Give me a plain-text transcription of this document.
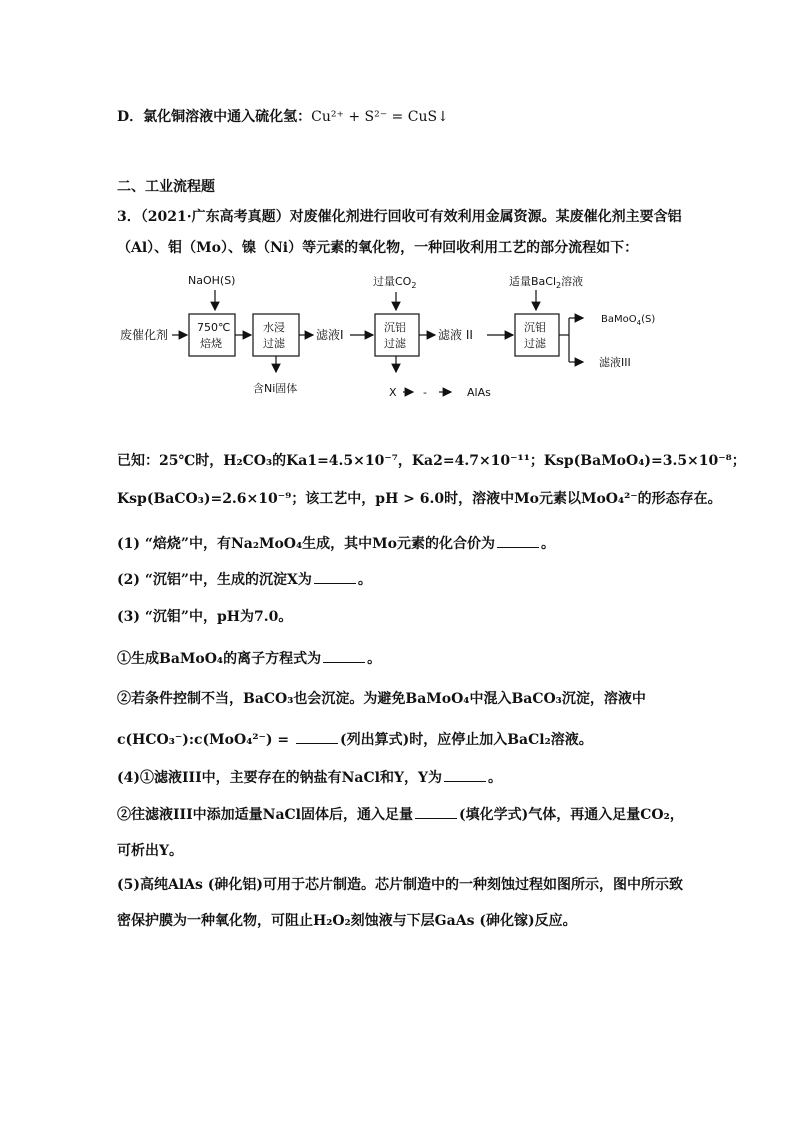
D．氯化铜溶液中通入硫化氢：Cu²⁺ + S²⁻ = CuS↓
二、工业流程题
3．（2021·广东高考真题）对废催化剂进行回收可有效利用金属资源。某废催化剂主要含铝
（Al）、钼（Mo）、镍（Ni）等元素的氧化物，一种回收利用工艺的部分流程如下：
NaOH(S)	过量$CO_2$	适量BaCl$_2$溶液
废催化剂
750℃
焙烧
水浸
过滤
滤液I
沉铝
过滤
滤液 II
沉钼
过滤
BaMoO$_4$(S)
滤液III
含Ni固体	X -	AlAs
已知：25℃时，H₂CO₃的Ka1=4.5×10⁻⁷，Ka2=4.7×10⁻¹¹；Ksp(BaMoO₄)=3.5×10⁻⁸；
Ksp(BaCO₃)=2.6×10⁻⁹；该工艺中，pH > 6.0时，溶液中Mo元素以MoO₄²⁻的形态存在。
(1) “焙烧”中，有Na₂MoO₄生成，其中Mo元素的化合价为	。
(2) “沉铝”中，生成的沉淀X为	。
(3) “沉钼”中，pH为7.0。
①生成BaMoO₄的离子方程式为	。
②若条件控制不当，BaCO₃也会沉淀。为避免BaMoO₄中混入BaCO₃沉淀，溶液中
c(HCO₃⁻):c(MoO₄²⁻) =	(列出算式)时，应停止加入BaCl₂溶液。
(4)①滤液III中，主要存在的钠盐有NaCl和Y，Y为	。
②往滤液III中添加适量NaCl固体后，通入足量	(填化学式)气体，再通入足量CO₂，
可析出Y。
(5)高纯AlAs (砷化铝)可用于芯片制造。芯片制造中的一种刻蚀过程如图所示，图中所示致
密保护膜为一种氧化物，可阻止H₂O₂刻蚀液与下层GaAs (砷化镓)反应。
